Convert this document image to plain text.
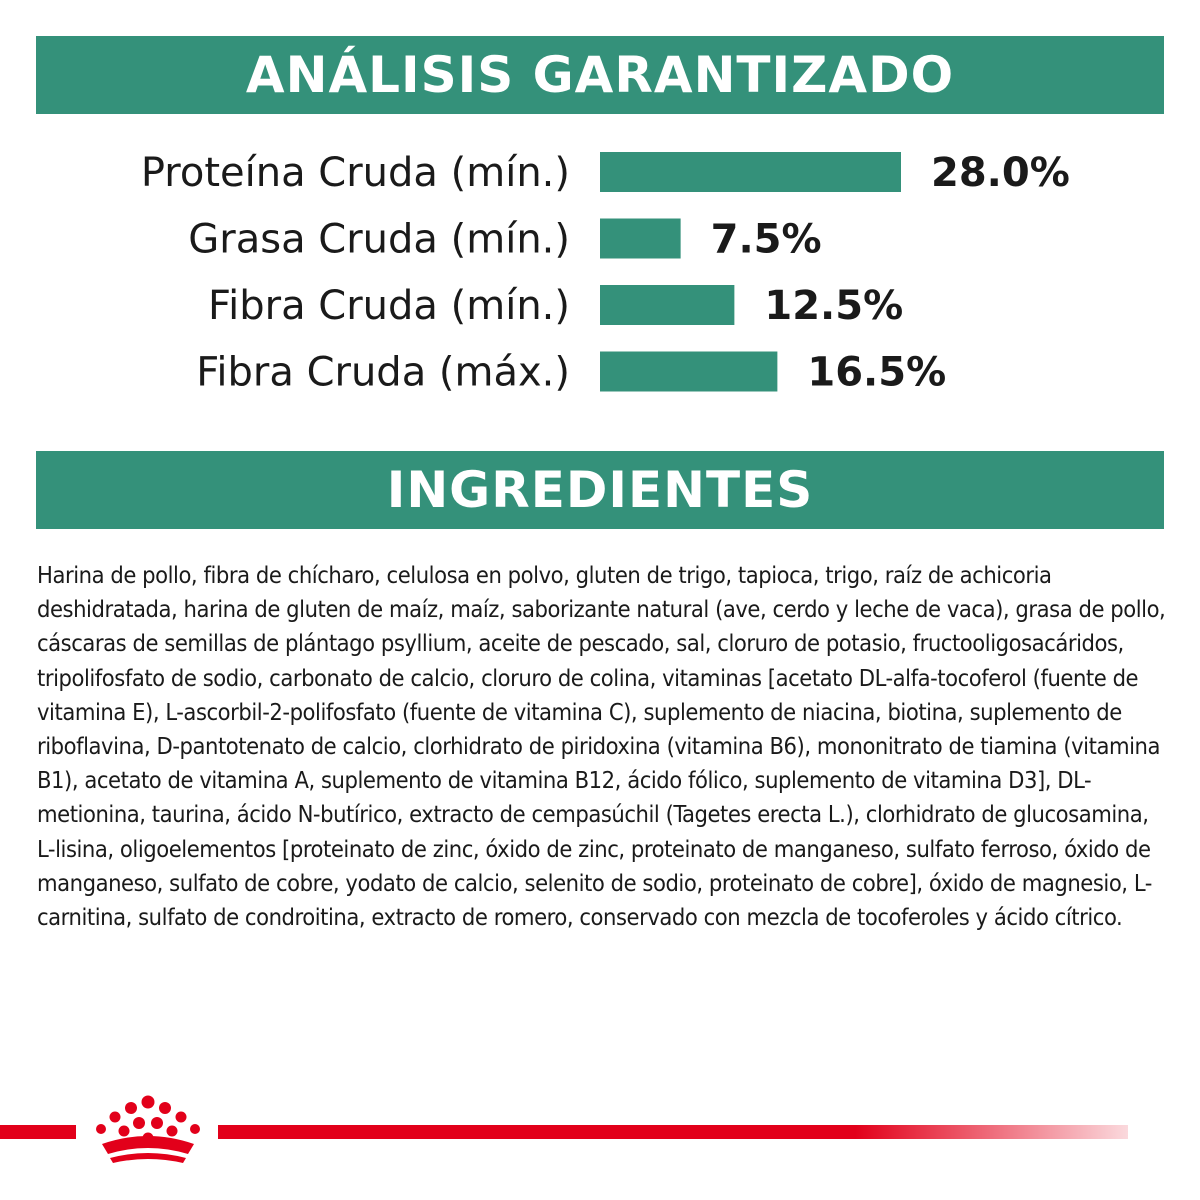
ANÁLISIS GARANTIZADO
Proteína Cruda (mín.)	28.0%
Grasa Cruda (mín.)	7.5%
Fibra Cruda (mín.)	12.5%
Fibra Cruda (máx.)	16.5%
INGREDIENTES
Harina de pollo, fibra de chícharo, celulosa en polvo, gluten de trigo, tapioca, trigo, raíz de achicoria deshidratada, harina de gluten de maíz, maíz, saborizante natural (ave, cerdo y leche de vaca), grasa de pollo, cáscaras de semillas de plántago psyllium, aceite de pescado, sal, cloruro de potasio, fructooligosacáridos, tripolifosfato de sodio, carbonato de calcio, cloruro de colina, vitaminas [acetato DL-alfa-tocoferol (fuente de vitamina E), L-ascorbil-2-polifosfato (fuente de vitamina C), suplemento de niacina, biotina, suplemento de riboflavina, D-pantotenato de calcio, clorhidrato de piridoxina (vitamina B6), mononitrato de tiamina (vitamina B1), acetato de vitamina A, suplemento de vitamina B12, ácido fólico, suplemento de vitamina D3], DL-metionina, taurina, ácido N-butírico, extracto de cempasúchil (Tagetes erecta L.), clorhidrato de glucosamina, L-lisina, oligoelementos [proteinato de zinc, óxido de zinc, proteinato de manganeso, sulfato ferroso, óxido de manganeso, sulfato de cobre, yodato de calcio, selenito de sodio, proteinato de cobre], óxido de magnesio, L-carnitina, sulfato de condroitina, extracto de romero, conservado con mezcla de tocoferoles y ácido cítrico.
